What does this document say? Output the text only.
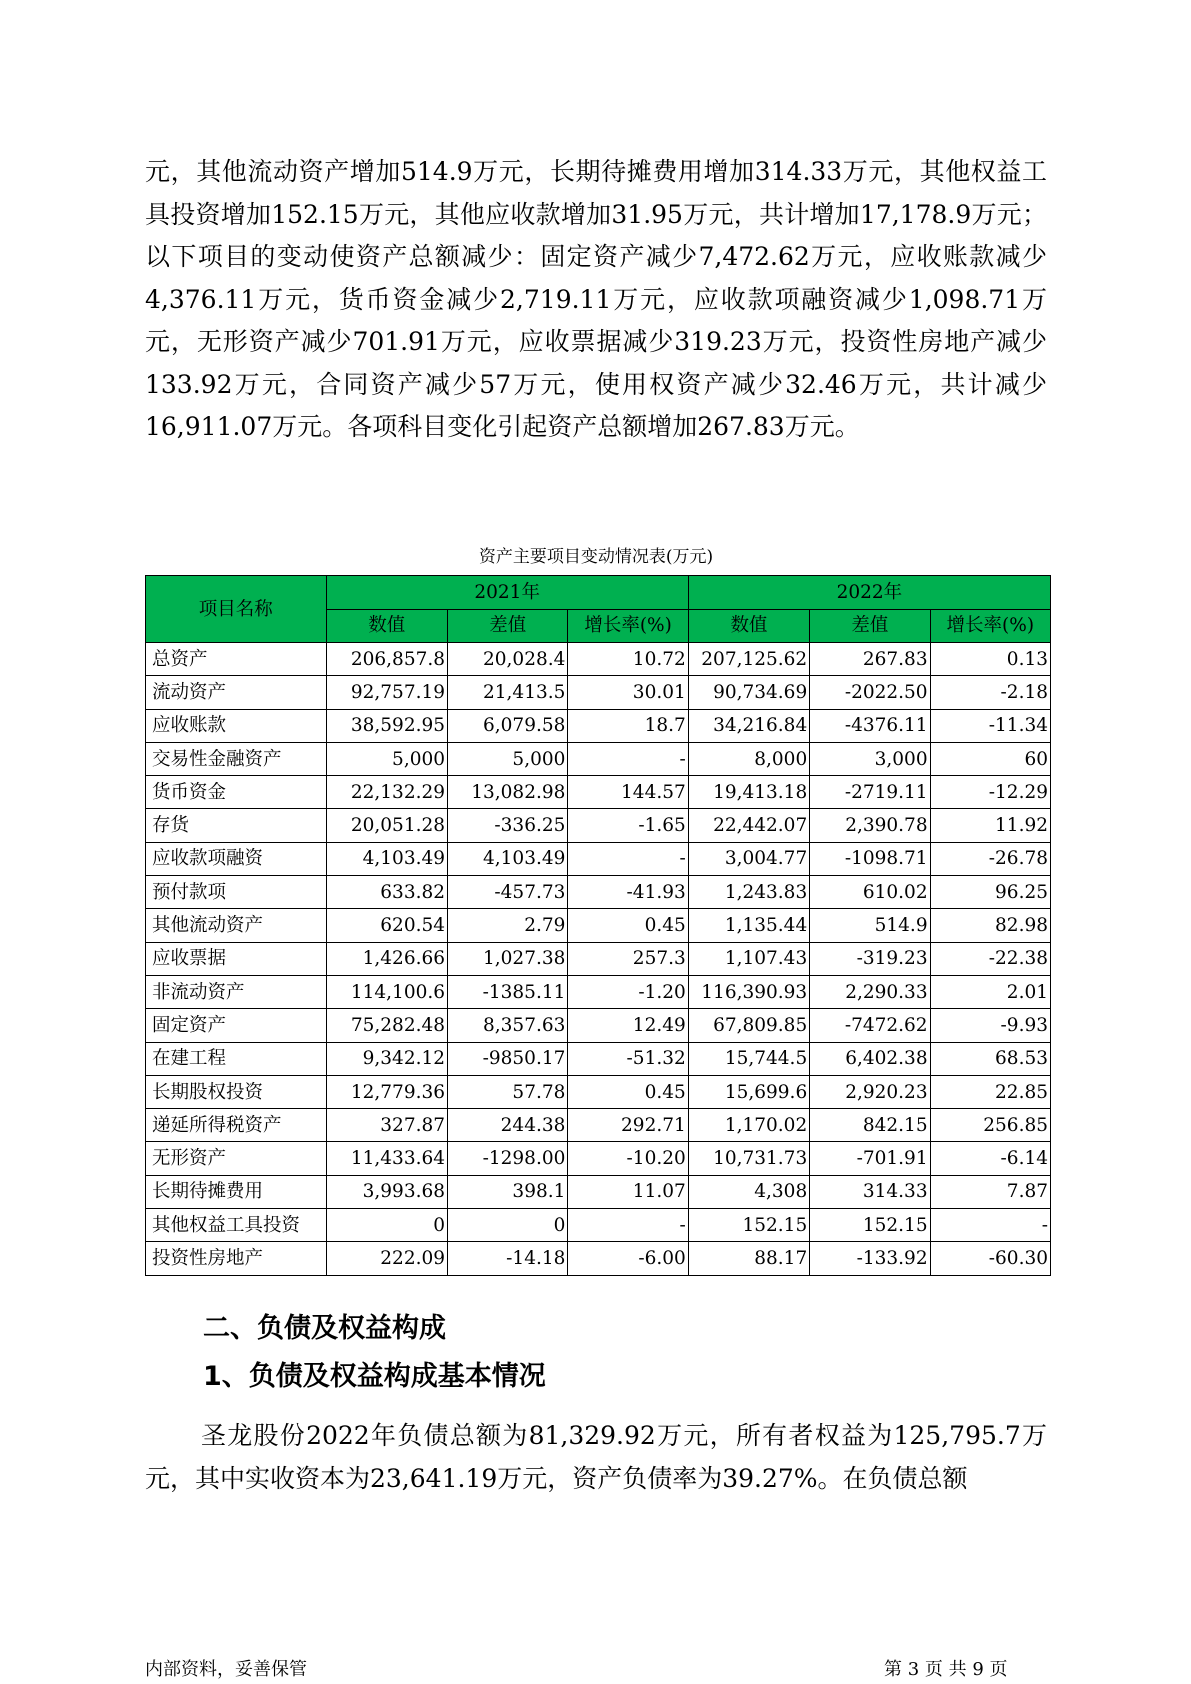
元，其他流动资产增加514.9万元，长期待摊费用增加314.33万元，其他权益工具投资增加152.15万元，其他应收款增加31.95万元，共计增加17,178.9万元；以下项目的变动使资产总额减少：固定资产减少7,472.62万元，应收账款减少4,376.11万元，货币资金减少2,719.11万元，应收款项融资减少1,098.71万元，无形资产减少701.91万元，应收票据减少319.23万元，投资性房地产减少133.92万元，合同资产减少57万元，使用权资产减少32.46万元，共计减少16,911.07万元。各项科目变化引起资产总额增加267.83万元。

资产主要项目变动情况表(万元)
项目名称	2021年			2022年		
	数值	差值	增长率(%)	数值	差值	增长率(%)
总资产	206,857.8	20,028.4	10.72	207,125.62	267.83	0.13
流动资产	92,757.19	21,413.5	30.01	90,734.69	-2022.50	-2.18
应收账款	38,592.95	6,079.58	18.7	34,216.84	-4376.11	-11.34
交易性金融资产	5,000	5,000	-	8,000	3,000	60
货币资金	22,132.29	13,082.98	144.57	19,413.18	-2719.11	-12.29
存货	20,051.28	-336.25	-1.65	22,442.07	2,390.78	11.92
应收款项融资	4,103.49	4,103.49	-	3,004.77	-1098.71	-26.78
预付款项	633.82	-457.73	-41.93	1,243.83	610.02	96.25
其他流动资产	620.54	2.79	0.45	1,135.44	514.9	82.98
应收票据	1,426.66	1,027.38	257.3	1,107.43	-319.23	-22.38
非流动资产	114,100.6	-1385.11	-1.20	116,390.93	2,290.33	2.01
固定资产	75,282.48	8,357.63	12.49	67,809.85	-7472.62	-9.93
在建工程	9,342.12	-9850.17	-51.32	15,744.5	6,402.38	68.53
长期股权投资	12,779.36	57.78	0.45	15,699.6	2,920.23	22.85
递延所得税资产	327.87	244.38	292.71	1,170.02	842.15	256.85
无形资产	11,433.64	-1298.00	-10.20	10,731.73	-701.91	-6.14
长期待摊费用	3,993.68	398.1	11.07	4,308	314.33	7.87
其他权益工具投资	0	0	-	152.15	152.15	-
投资性房地产	222.09	-14.18	-6.00	88.17	-133.92	-60.30
二、负债及权益构成
1、负债及权益构成基本情况

圣龙股份2022年负债总额为81,329.92万元，所有者权益为125,795.7万元，其中实收资本为23,641.19万元，资产负债率为39.27%。在负债总额

内部资料，妥善保管	第 3 页 共 9 页
